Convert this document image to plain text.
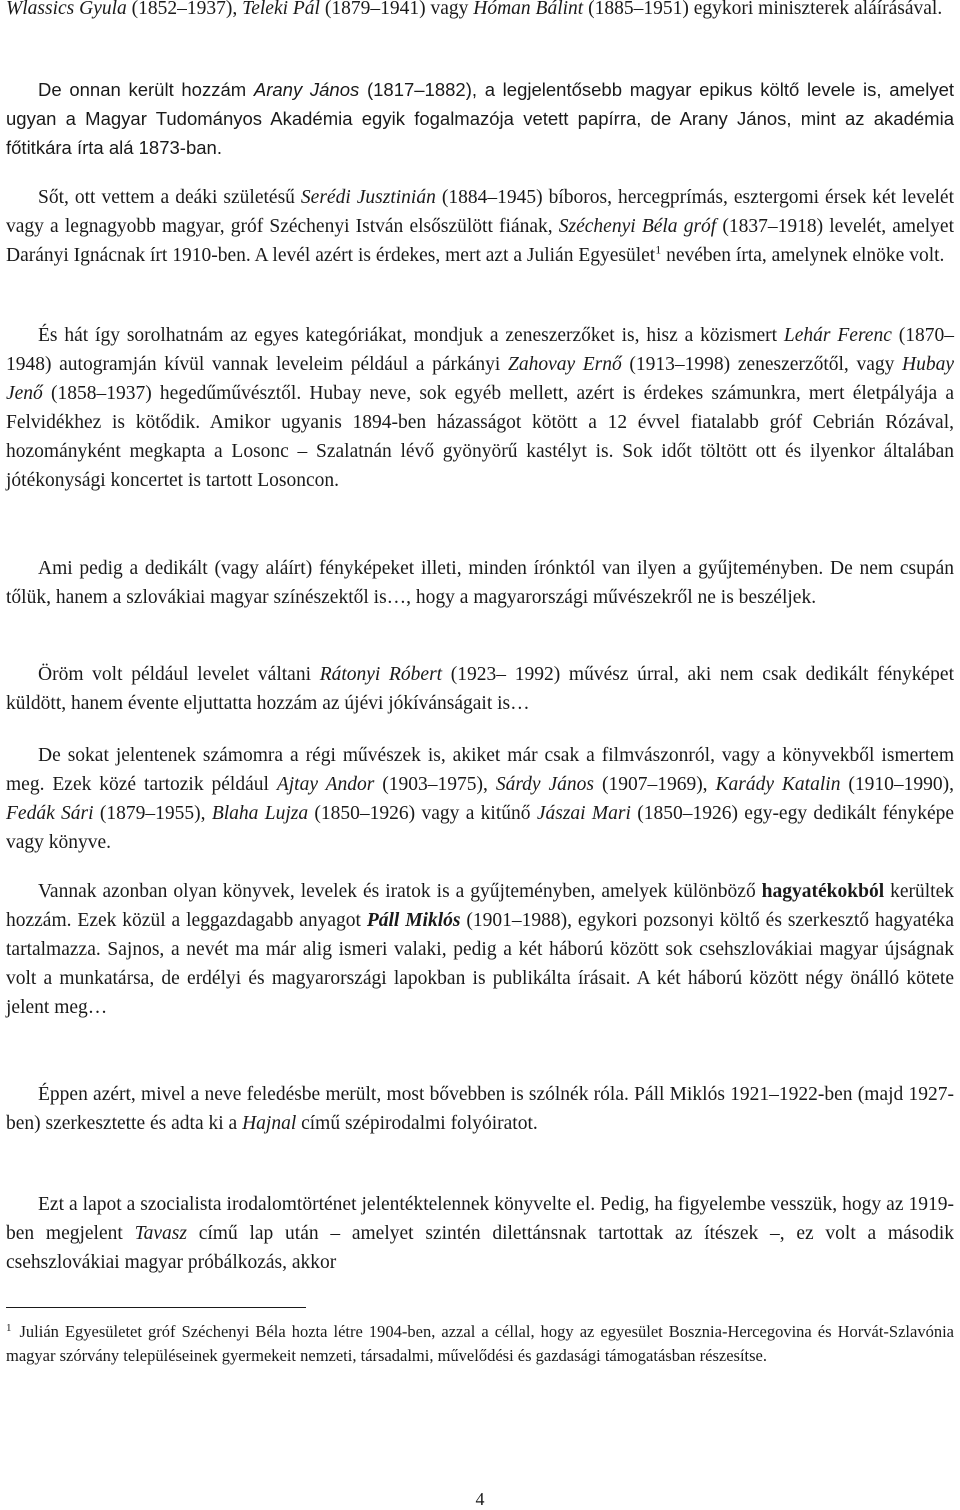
Wlassics Gyula (1852–1937), Teleki Pál (1879–1941) vagy Hóman Bálint (1885–1951) egykori miniszterek aláírásával.

De onnan került hozzám Arany János (1817–1882), a legjelentősebb magyar epikus költő levele is, amelyet ugyan a Magyar Tudományos Akadémia egyik fogalmazója vetett papírra, de Arany János, mint az akadémia főtitkára írta alá 1873-ban.

Sőt, ott vettem a deáki születésű Serédi Jusztinián (1884–1945) bíboros, hercegprímás, esztergomi érsek két levelét vagy a legnagyobb magyar, gróf Széchenyi István elsőszülött fiának, Széchenyi Béla gróf (1837–1918) levelét, amelyet Darányi Ignácnak írt 1910-ben. A levél azért is érdekes, mert azt a Julián Egyesület$^1$ nevében írta, amelynek elnöke volt.

És hát így sorolhatnám az egyes kategóriákat, mondjuk a zeneszerzőket is, hisz a közismert Lehár Ferenc (1870–1948) autogramján kívül vannak leveleim például a párkányi Zahovay Ernő (1913–1998) zeneszerzőtől, vagy Hubay Jenő (1858–1937) hegedűművésztől. Hubay neve, sok egyéb mellett, azért is érdekes számunkra, mert életpályája a Felvidékhez is kötődik. Amikor ugyanis 1894-ben házasságot kötött a 12 évvel fiatalabb gróf Cebrián Rózával, hozományként megkapta a Losonc – Szalatnán lévő gyönyörű kastélyt is. Sok időt töltött ott és ilyenkor általában jótékonysági koncertet is tartott Losoncon.

Ami pedig a dedikált (vagy aláírt) fényképeket illeti, minden írónktól van ilyen a gyűjteményben. De nem csupán tőlük, hanem a szlovákiai magyar színészektől is…, hogy a magyarországi művészekről ne is beszéljek.

Öröm volt például levelet váltani Rátonyi Róbert (1923– 1992) művész úrral, aki nem csak dedikált fényképet küldött, hanem évente eljuttatta hozzám az újévi jókívánságait is…

De sokat jelentenek számomra a régi művészek is, akiket már csak a filmvászonról, vagy a könyvekből ismertem meg. Ezek közé tartozik például Ajtay Andor (1903–1975), Sárdy János (1907–1969), Karády Katalin (1910–1990), Fedák Sári (1879–1955), Blaha Lujza (1850–1926) vagy a kitűnő Jászai Mari (1850–1926) egy-egy dedikált fényképe vagy könyve.

Vannak azonban olyan könyvek, levelek és iratok is a gyűjteményben, amelyek különböző hagyatékokból kerültek hozzám. Ezek közül a leggazdagabb anyagot Páll Miklós (1901–1988), egykori pozsonyi költő és szerkesztő hagyatéka tartalmazza. Sajnos, a nevét ma már alig ismeri valaki, pedig a két háború között sok csehszlovákiai magyar újságnak volt a munkatársa, de erdélyi és magyarországi lapokban is publikálta írásait. A két háború között négy önálló kötete jelent meg…

Éppen azért, mivel a neve feledésbe merült, most bővebben is szólnék róla. Páll Miklós 1921–1922-ben (majd 1927-ben) szerkesztette és adta ki a Hajnal című szépirodalmi folyóiratot.

Ezt a lapot a szocialista irodalomtörténet jelentéktelennek könyvelte el. Pedig, ha figyelembe vesszük, hogy az 1919-ben megjelent Tavasz című lap után – amelyet szintén dilettánsnak tartottak az ítészek –, ez volt a második csehszlovákiai magyar próbálkozás, akkor

$^1$ Julián Egyesületet gróf Széchenyi Béla hozta létre 1904-ben, azzal a céllal, hogy az egyesület Bosznia-Hercegovina és Horvát-Szlavónia magyar szórvány településeinek gyermekeit nemzeti, társadalmi, művelődési és gazdasági támogatásban részesítse.

4
